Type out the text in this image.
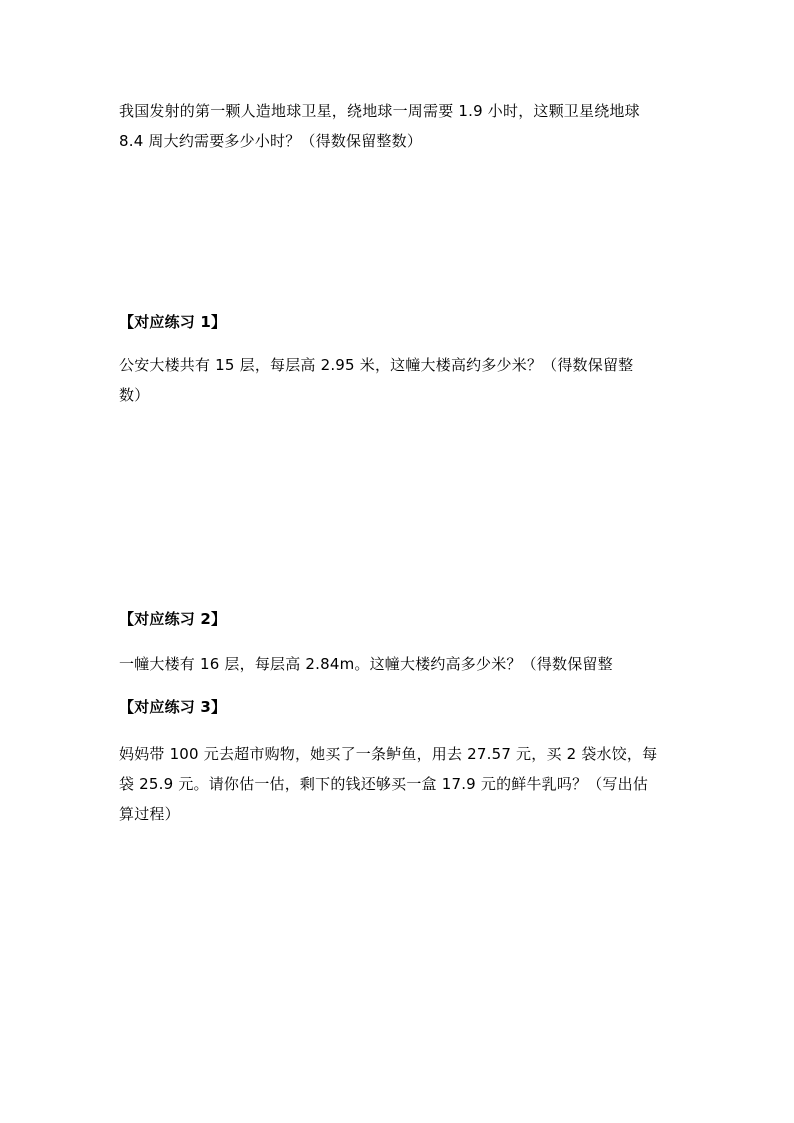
我国发射的第一颗人造地球卫星，绕地球一周需要 1.9 小时，这颗卫星绕地球
8.4 周大约需要多少小时？（得数保留整数）
【对应练习 1】
公安大楼共有 15 层，每层高 2.95 米，这幢大楼高约多少米？（得数保留整
数）
【对应练习 2】
一幢大楼有 16 层，每层高 2.84m。这幢大楼约高多少米？（得数保留整
【对应练习 3】
妈妈带 100 元去超市购物，她买了一条鲈鱼，用去 27.57 元，买 2 袋水饺，每
袋 25.9 元。请你估一估，剩下的钱还够买一盒 17.9 元的鲜牛乳吗？（写出估
算过程）
